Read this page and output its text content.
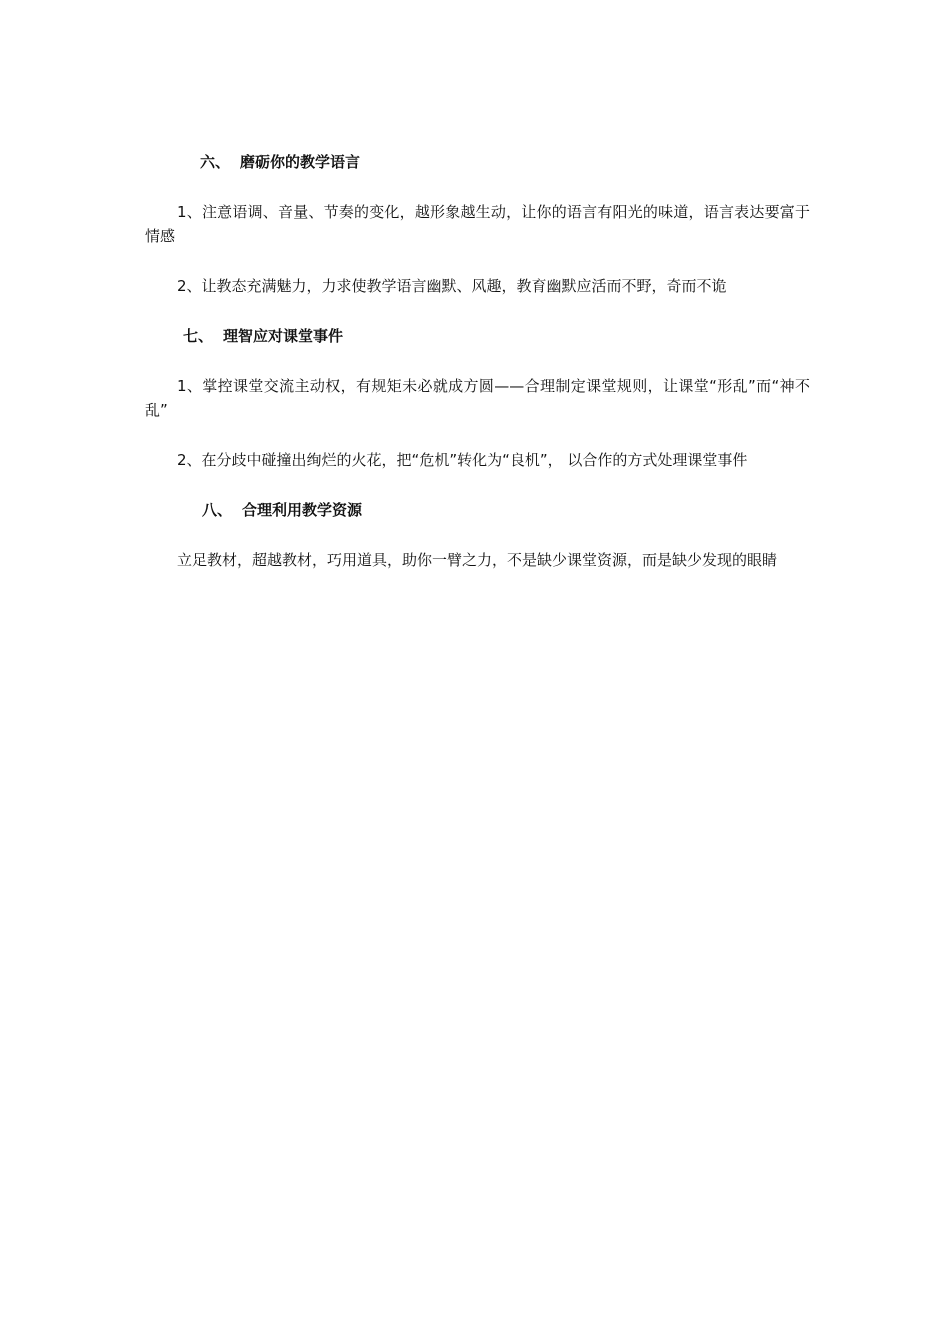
六、 磨砺你的教学语言

1、注意语调、音量、节奏的变化，越形象越生动，让你的语言有阳光的味道，语言表达要富于情感

2、让教态充满魅力，力求使教学语言幽默、风趣，教育幽默应活而不野，奇而不诡

七、 理智应对课堂事件

1、掌控课堂交流主动权，有规矩未必就成方圆——合理制定课堂规则，让课堂“形乱”而“神不乱”

2、在分歧中碰撞出绚烂的火花，把“危机”转化为“良机”， 以合作的方式处理课堂事件

八、 合理利用教学资源

立足教材，超越教材，巧用道具，助你一臂之力，不是缺少课堂资源，而是缺少发现的眼睛
